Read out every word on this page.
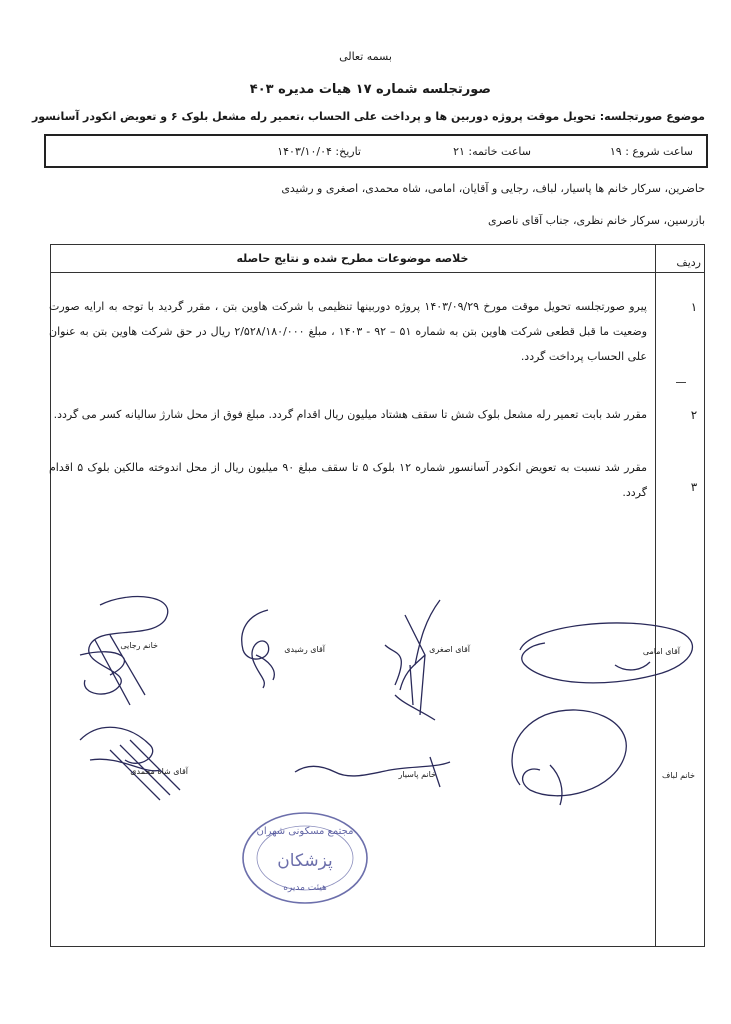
بسمه تعالی
صورتجلسه شماره ۱۷ هیات مدیره ۴۰۳
موضوع صورتجلسه: تحویل موقت پروژه دوربین ها و پرداخت علی الحساب ،تعمیر رله مشعل بلوک ۶ و تعویض انکودر آسانسور
ساعت شروع : ۱۹
ساعت خاتمه: ۲۱
تاریخ: ۱۴۰۳/۱۰/۰۴
حاضرین، سرکار خانم ها پاسیار، لباف، رجایی و آقایان، امامی، شاه محمدی، اصغری و رشیدی
بازرسین، سرکار خانم نظری، جناب آقای ناصری
خلاصه موضوعات مطرح شده و نتایج حاصله	ردیف
۱
پیرو صورتجلسه تحویل موقت مورخ ۱۴۰۳/۰۹/۲۹ پروژه دوربینها تنظیمی با شرکت هاوین بتن ، مقرر گردید با توجه به ارایه صورت وضعیت ما قبل قطعی شرکت هاوین بتن به شماره ۵۱ – ۹۲ - ۱۴۰۳ ، مبلغ ۲/۵۲۸/۱۸۰/۰۰۰ ریال در حق شرکت هاوین بتن به عنوان علی الحساب پرداخت گردد.
۲
مقرر شد بابت تعمیر رله مشعل بلوک شش تا سقف هشتاد میلیون ریال اقدام گردد. مبلغ فوق از محل شارژ سالیانه کسر می گردد.
۳
مقرر شد نسبت به تعویض انکودر آسانسور شماره ۱۲ بلوک ۵ تا سقف مبلغ ۹۰ میلیون ریال از محل اندوخته مالکین بلوک ۵ اقدام گردد.
خانم رجایی	آقای رشیدی	آقای اصغری	آقای امامی
آقای شاه محمدی	خانم پاسیار	خانم لباف
مجتمع مسکونی شهران
پزشکان
هیئت مدیره
